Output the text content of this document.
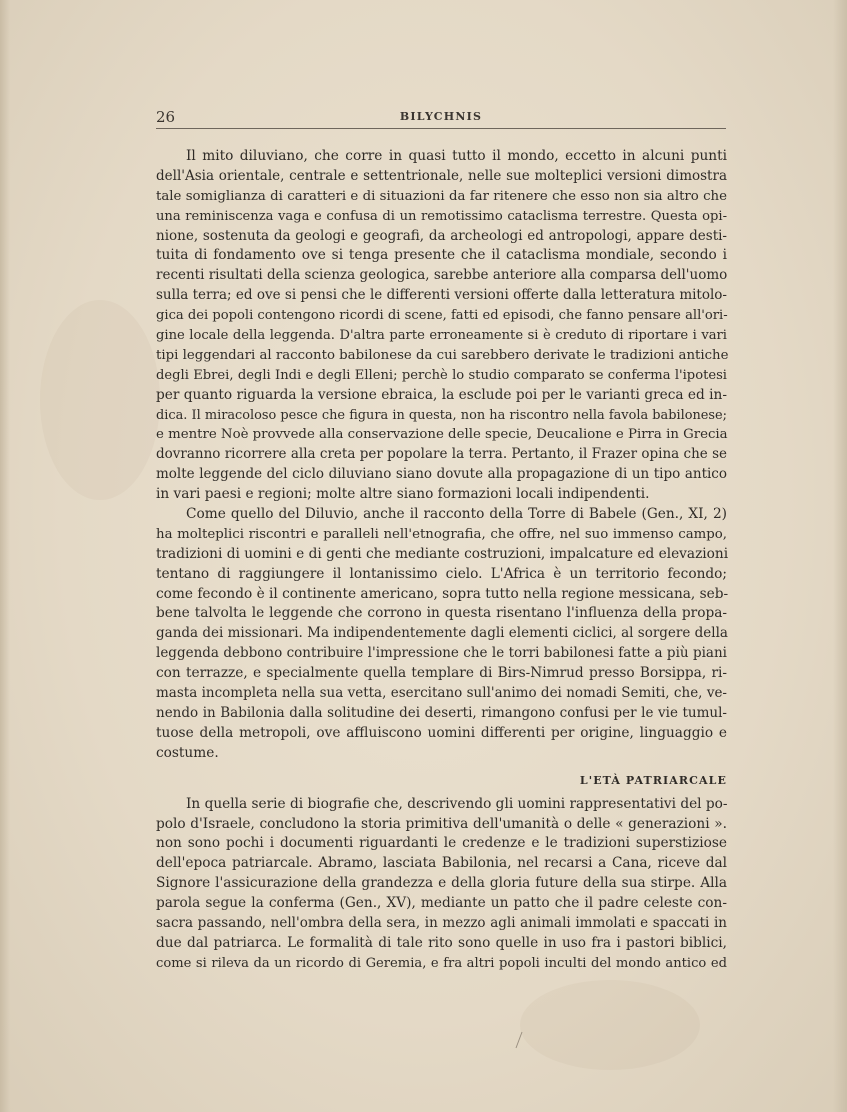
26	BILYCHNIS
Il mito diluviano, che corre in quasi tutto il mondo, eccetto in alcuni punti
dell'Asia orientale, centrale e settentrionale, nelle sue molteplici versioni dimostra
tale somiglianza di caratteri e di situazioni da far ritenere che esso non sia altro che
una reminiscenza vaga e confusa di un remotissimo cataclisma terrestre. Questa opi-
nione, sostenuta da geologi e geografi, da archeologi ed antropologi, appare desti-
tuita di fondamento ove si tenga presente che il cataclisma mondiale, secondo i
recenti risultati della scienza geologica, sarebbe anteriore alla comparsa dell'uomo
sulla terra; ed ove si pensi che le differenti versioni offerte dalla letteratura mitolo-
gica dei popoli contengono ricordi di scene, fatti ed episodi, che fanno pensare all'ori-
gine locale della leggenda. D'altra parte erroneamente si è creduto di riportare i vari
tipi leggendari al racconto babilonese da cui sarebbero derivate le tradizioni antiche
degli Ebrei, degli Indi e degli Elleni; perchè lo studio comparato se conferma l'ipotesi
per quanto riguarda la versione ebraica, la esclude poi per le varianti greca ed in-
dica. Il miracoloso pesce che figura in questa, non ha riscontro nella favola babilonese;
e mentre Noè provvede alla conservazione delle specie, Deucalione e Pirra in Grecia
dovranno ricorrere alla creta per popolare la terra. Pertanto, il Frazer opina che se
molte leggende del ciclo diluviano siano dovute alla propagazione di un tipo antico
in vari paesi e regioni; molte altre siano formazioni locali indipendenti.
Come quello del Diluvio, anche il racconto della Torre di Babele (Gen., XI, 2)
ha molteplici riscontri e paralleli nell'etnografia, che offre, nel suo immenso campo,
tradizioni di uomini e di genti che mediante costruzioni, impalcature ed elevazioni
tentano di raggiungere il lontanissimo cielo. L'Africa è un territorio fecondo;
come fecondo è il continente americano, sopra tutto nella regione messicana, seb-
bene talvolta le leggende che corrono in questa risentano l'influenza della propa-
ganda dei missionari. Ma indipendentemente dagli elementi ciclici, al sorgere della
leggenda debbono contribuire l'impressione che le torri babilonesi fatte a più piani
con terrazze, e specialmente quella templare di Birs-Nimrud presso Borsippa, ri-
masta incompleta nella sua vetta, esercitano sull'animo dei nomadi Semiti, che, ve-
nendo in Babilonia dalla solitudine dei deserti, rimangono confusi per le vie tumul-
tuose della metropoli, ove affluiscono uomini differenti per origine, linguaggio e
costume.
L'ETÀ PATRIARCALE
In quella serie di biografie che, descrivendo gli uomini rappresentativi del po-
polo d'Israele, concludono la storia primitiva dell'umanità o delle « generazioni ».
non sono pochi i documenti riguardanti le credenze e le tradizioni superstiziose
dell'epoca patriarcale. Abramo, lasciata Babilonia, nel recarsi a Cana, riceve dal
Signore l'assicurazione della grandezza e della gloria future della sua stirpe. Alla
parola segue la conferma (Gen., XV), mediante un patto che il padre celeste con-
sacra passando, nell'ombra della sera, in mezzo agli animali immolati e spaccati in
due dal patriarca. Le formalità di tale rito sono quelle in uso fra i pastori biblici,
come si rileva da un ricordo di Geremia, e fra altri popoli inculti del mondo antico ed
